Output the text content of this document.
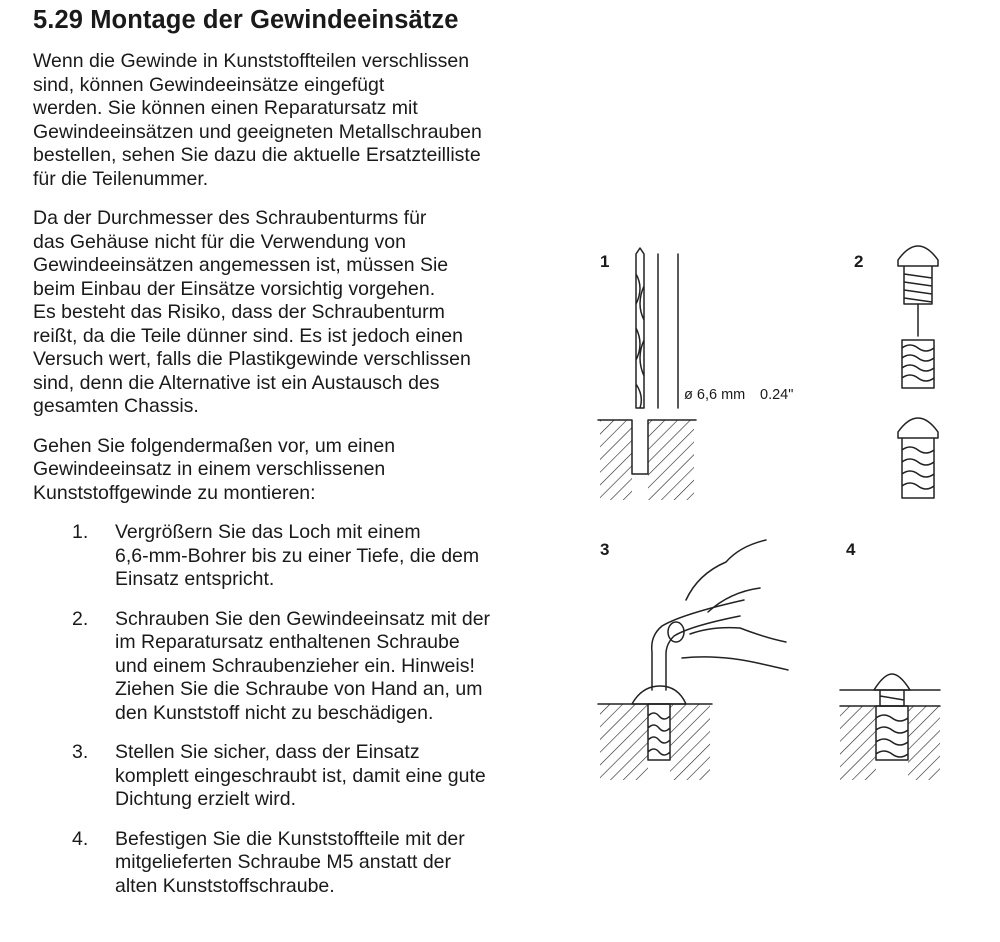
5.29 Montage der Gewindeeinsätze

Wenn die Gewinde in Kunststoffteilen verschlissen
sind, können Gewindeeinsätze eingefügt
werden. Sie können einen Reparatursatz mit
Gewindeeinsätzen und geeigneten Metallschrauben
bestellen, sehen Sie dazu die aktuelle Ersatzteilliste
für die Teilenummer.

Da der Durchmesser des Schraubenturms für
das Gehäuse nicht für die Verwendung von
Gewindeeinsätzen angemessen ist, müssen Sie
beim Einbau der Einsätze vorsichtig vorgehen.
Es besteht das Risiko, dass der Schraubenturm
reißt, da die Teile dünner sind. Es ist jedoch einen
Versuch wert, falls die Plastikgewinde verschlissen
sind, denn die Alternative ist ein Austausch des
gesamten Chassis.

Gehen Sie folgendermaßen vor, um einen
Gewindeeinsatz in einem verschlissenen
Kunststoffgewinde zu montieren:

1. Vergrößern Sie das Loch mit einem
6,6-mm-Bohrer bis zu einer Tiefe, die dem
Einsatz entspricht.
2. Schrauben Sie den Gewindeeinsatz mit der
im Reparatursatz enthaltenen Schraube
und einem Schraubenzieher ein. Hinweis!
Ziehen Sie die Schraube von Hand an, um
den Kunststoff nicht zu beschädigen.
3. Stellen Sie sicher, dass der Einsatz
komplett eingeschraubt ist, damit eine gute
Dichtung erzielt wird.
4. Befestigen Sie die Kunststoffteile mit der
mitgelieferten Schraube M5 anstatt der
alten Kunststoffschraube.
1	2
3	4
ø 6,6 mm 0.24"
